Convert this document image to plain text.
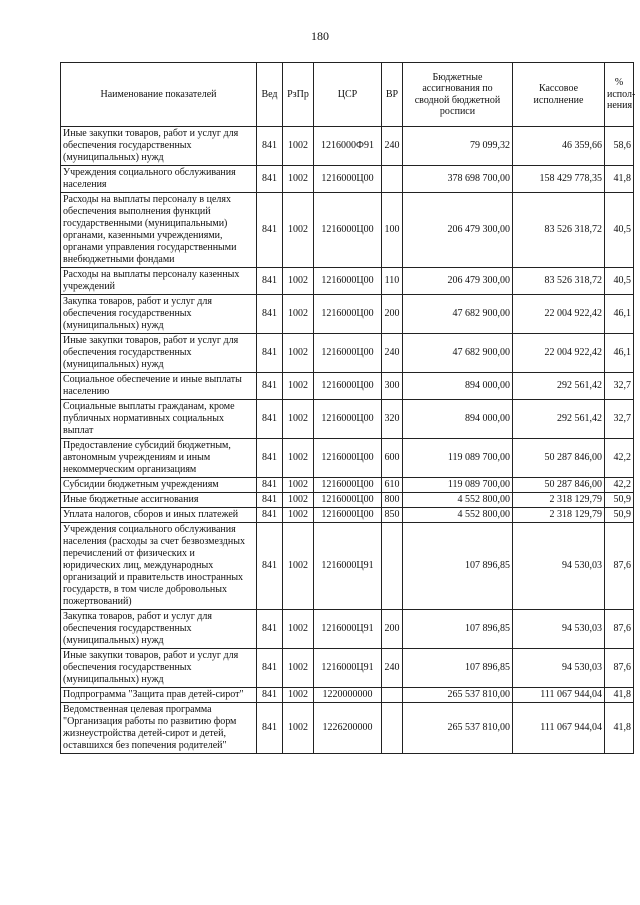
180
Наименование показателей	Вед	РзПр	ЦСР	ВР	Бюджетные ассигнования по сводной бюджетной росписи	Кассовое исполнение	% испол-нения
Иные закупки товаров, работ и услуг для обеспечения государственных (муниципальных) нужд	841	1002	1216000Ф91	240	79 099,32	46 359,66	58,6
Учреждения социального обслуживания населения	841	1002	1216000Ц00		378 698 700,00	158 429 778,35	41,8
Расходы на выплаты персоналу в целях обеспечения выполнения функций государственными (муниципальными) органами, казенными учреждениями, органами управления государственными внебюджетными фондами	841	1002	1216000Ц00	100	206 479 300,00	83 526 318,72	40,5
Расходы на выплаты персоналу казенных учреждений	841	1002	1216000Ц00	110	206 479 300,00	83 526 318,72	40,5
Закупка товаров, работ и услуг для обеспечения государственных (муниципальных) нужд	841	1002	1216000Ц00	200	47 682 900,00	22 004 922,42	46,1
Иные закупки товаров, работ и услуг для обеспечения государственных (муниципальных) нужд	841	1002	1216000Ц00	240	47 682 900,00	22 004 922,42	46,1
Социальное обеспечение и иные выплаты населению	841	1002	1216000Ц00	300	894 000,00	292 561,42	32,7
Социальные выплаты гражданам, кроме публичных нормативных социальных выплат	841	1002	1216000Ц00	320	894 000,00	292 561,42	32,7
Предоставление субсидий бюджетным, автономным учреждениям и иным некоммерческим организациям	841	1002	1216000Ц00	600	119 089 700,00	50 287 846,00	42,2
Субсидии бюджетным учреждениям	841	1002	1216000Ц00	610	119 089 700,00	50 287 846,00	42,2
Иные бюджетные ассигнования	841	1002	1216000Ц00	800	4 552 800,00	2 318 129,79	50,9
Уплата налогов, сборов и иных платежей	841	1002	1216000Ц00	850	4 552 800,00	2 318 129,79	50,9
Учреждения социального обслуживания населения (расходы за счет безвозмездных перечислений от физических и юридических лиц, международных организаций и правительств иностранных государств, в том числе добровольных пожертвований)	841	1002	1216000Ц91		107 896,85	94 530,03	87,6
Закупка товаров, работ и услуг для обеспечения государственных (муниципальных) нужд	841	1002	1216000Ц91	200	107 896,85	94 530,03	87,6
Иные закупки товаров, работ и услуг для обеспечения государственных (муниципальных) нужд	841	1002	1216000Ц91	240	107 896,85	94 530,03	87,6
Подпрограмма "Защита прав детей-сирот"	841	1002	1220000000		265 537 810,00	111 067 944,04	41,8
Ведомственная целевая программа "Организация работы по развитию форм жизнеустройства детей-сирот и детей, оставшихся без попечения родителей"	841	1002	1226200000		265 537 810,00	111 067 944,04	41,8
